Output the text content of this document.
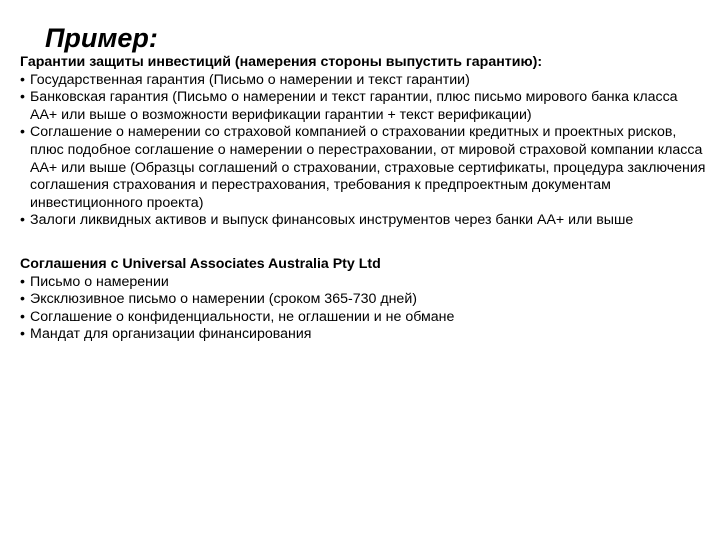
Пример:
Гарантии защиты инвестиций (намерения стороны выпустить гарантию):
• Государственная гарантия (Письмо о намерении и текст гарантии)
• Банковская гарантия (Письмо о намерении и текст гарантии, плюс письмо мирового банка класса АА+ или выше о возможности верификации гарантии + текст верификации)
• Соглашение о намерении со страховой компанией о страховании кредитных и проектных рисков, плюс подобное соглашение о намерении о перестраховании, от мировой страховой компании класса АА+ или выше (Образцы соглашений о страховании, страховые сертификаты, процедура заключения соглашения страхования и перестрахования, требования к предпроектным документам инвестиционного проекта)
• Залоги ликвидных активов и выпуск финансовых инструментов через банки АА+ или выше
Соглашения с Universal Associates Australia Pty Ltd
• Письмо о намерении
• Эксклюзивное письмо о намерении (сроком 365-730 дней)
• Соглашение о конфиденциальности, не оглашении и не обмане
• Мандат для организации финансирования
